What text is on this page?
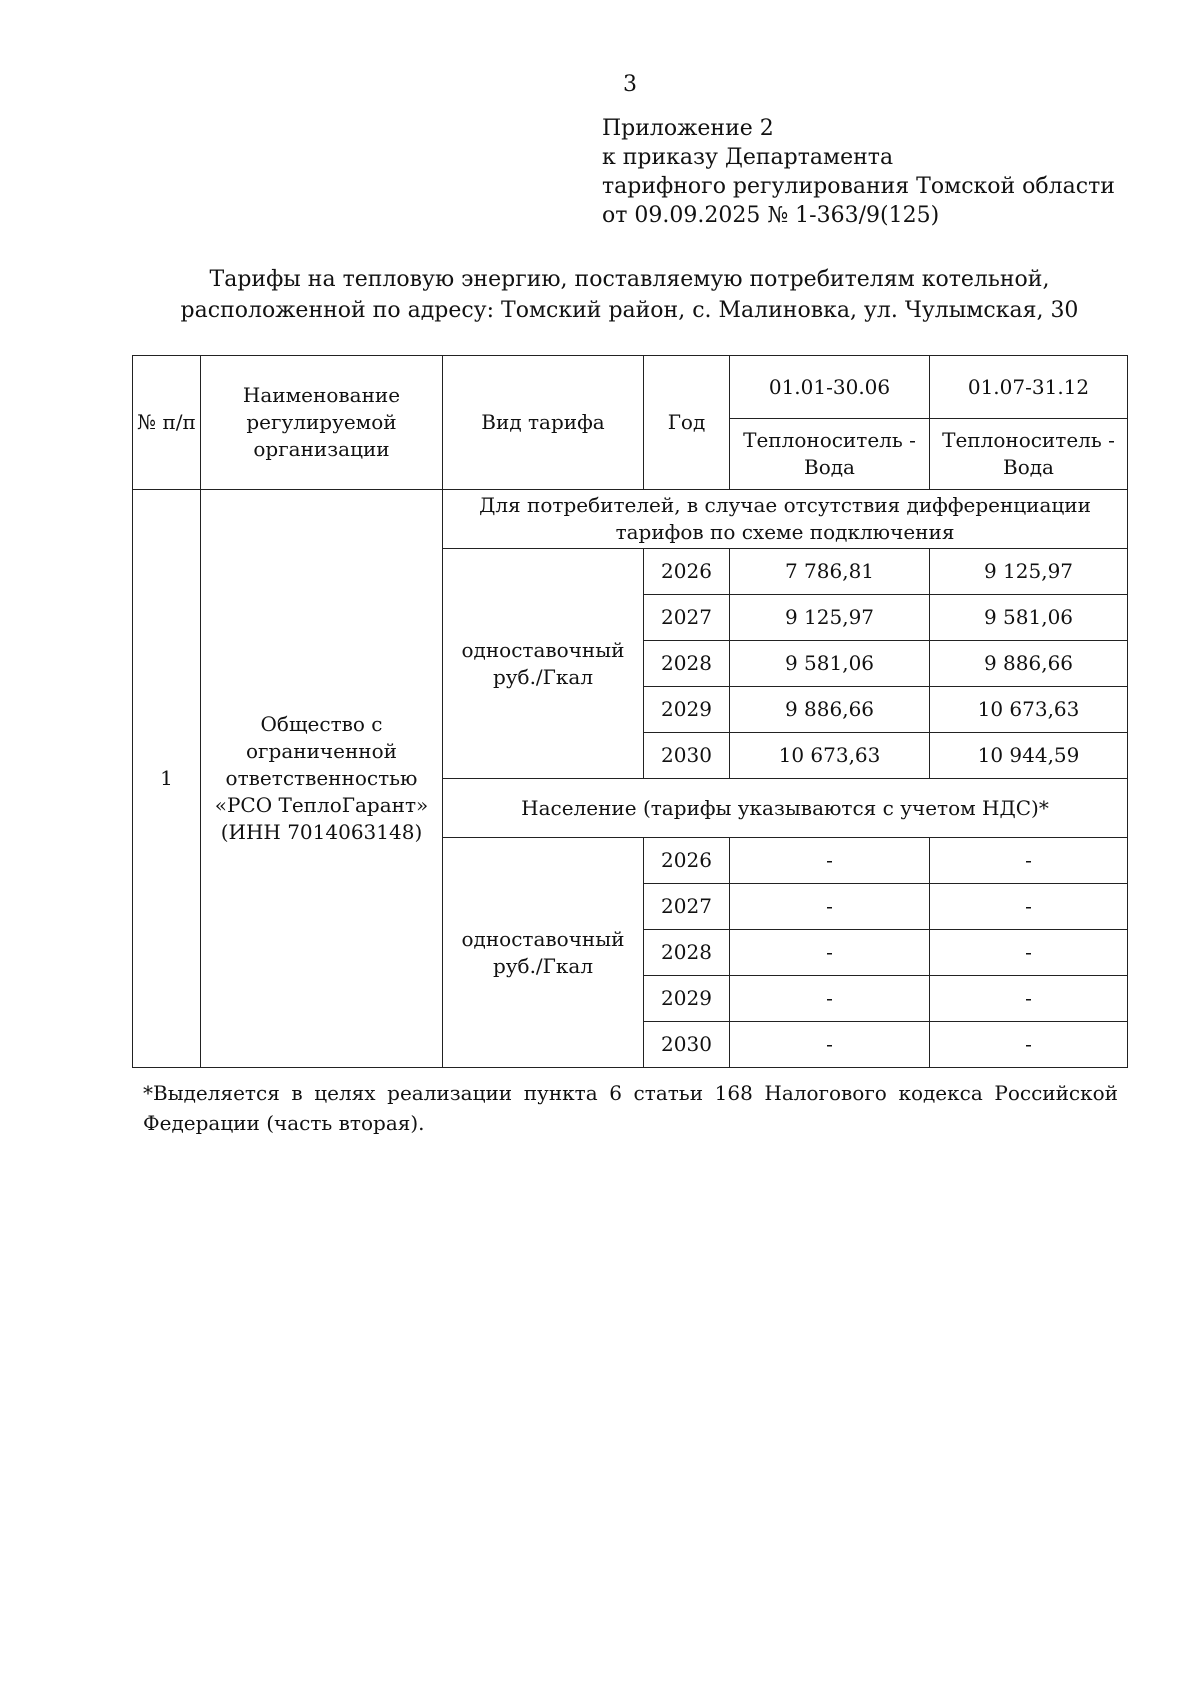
3
Приложение 2
к приказу Департамента
тарифного регулирования Томской области
от 09.09.2025 № 1-363/9(125)
Тарифы на тепловую энергию, поставляемую потребителям котельной,
расположенной по адресу: Томский район, с. Малиновка, ул. Чулымская, 30
№ п/п	Наименование регулируемой организации	Вид тарифа	Год	01.01-30.06	01.07-31.12
				Теплоноситель - Вода	Теплоноситель - Вода
1	Общество с ограниченной ответственностью «РСО ТеплоГарант» (ИНН 7014063148)	Для потребителей, в случае отсутствия дифференциации тарифов по схеме подключения			
		одноставочный руб./Гкал	2026	7 786,81	9 125,97
			2027	9 125,97	9 581,06
			2028	9 581,06	9 886,66
			2029	9 886,66	10 673,63
			2030	10 673,63	10 944,59
		Население (тарифы указываются с учетом НДС)*			
		одноставочный руб./Гкал	2026	-	-
			2027	-	-
			2028	-	-
			2029	-	-
			2030	-	-
*Выделяется в целях реализации пункта 6 статьи 168 Налогового кодекса Российской
Федерации (часть вторая).
